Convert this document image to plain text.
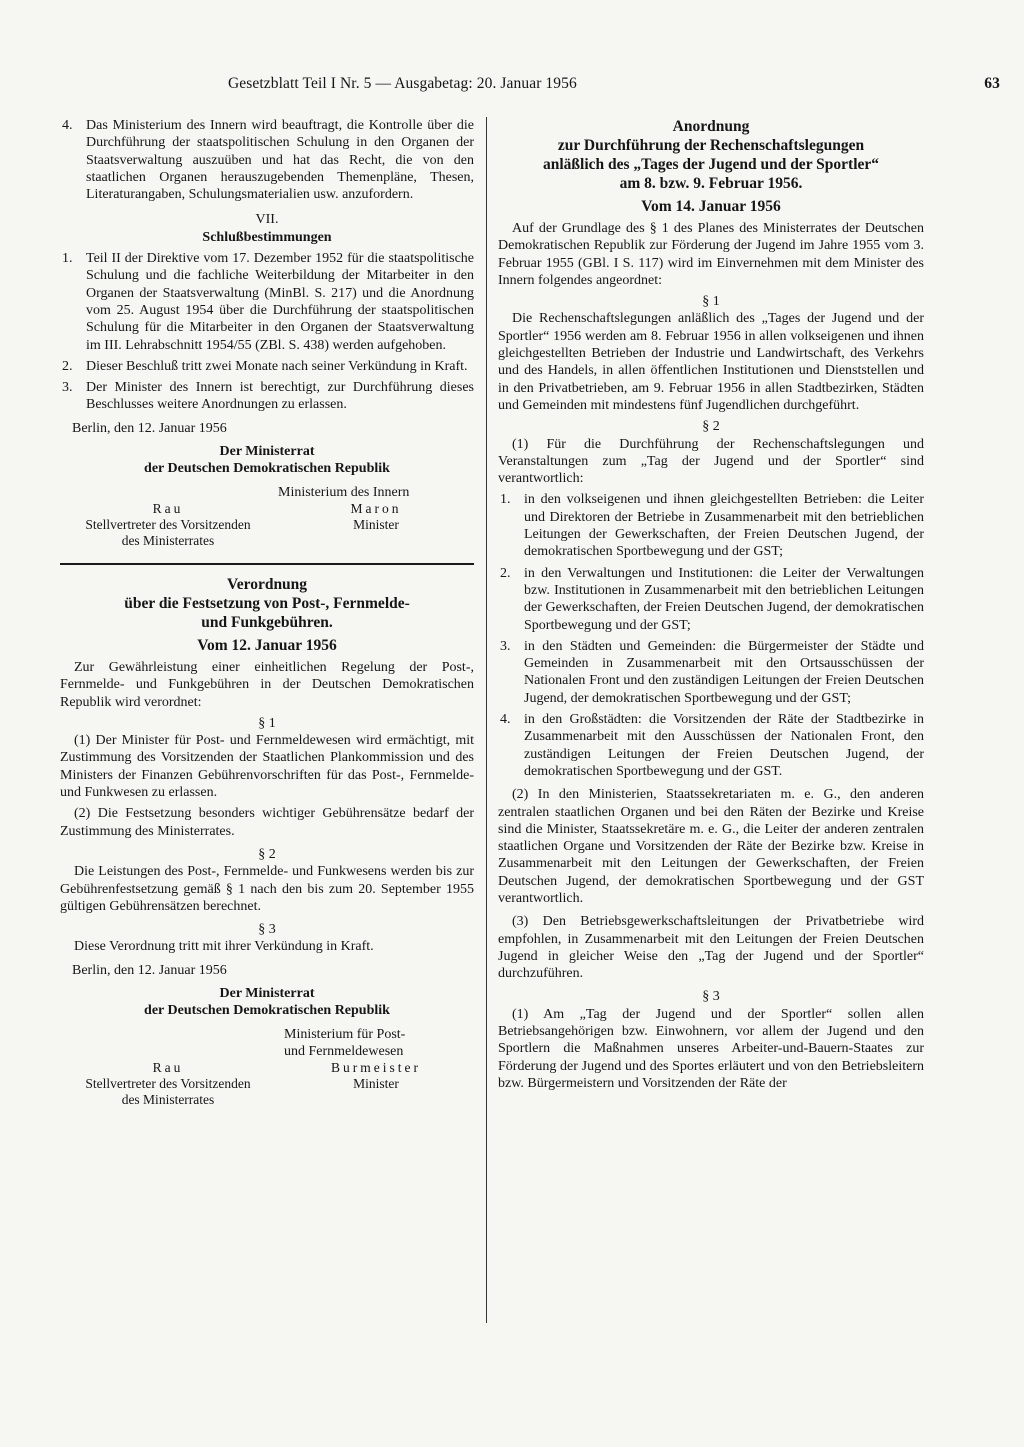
Gesetzblatt Teil I Nr. 5 — Ausgabetag: 20. Januar 1956	63

4. Das Ministerium des Innern wird beauftragt, die Kontrolle über die Durchführung der staatspolitischen Schulung in den Organen der Staatsverwaltung auszuüben und hat das Recht, die von den staatlichen Organen herauszugebenden Themenpläne, Thesen, Literaturangaben, Schulungsmaterialien usw. anzufordern.

VII.

Schlußbestimmungen

1. Teil II der Direktive vom 17. Dezember 1952 für die staatspolitische Schulung und die fachliche Weiterbildung der Mitarbeiter in den Organen der Staatsverwaltung (MinBl. S. 217) und die Anordnung vom 25. August 1954 über die Durchführung der staatspolitischen Schulung für die Mitarbeiter in den Organen der Staatsverwaltung im III. Lehrabschnitt 1954/55 (ZBl. S. 438) werden aufgehoben.

2. Dieser Beschluß tritt zwei Monate nach seiner Verkündung in Kraft.

3. Der Minister des Innern ist berechtigt, zur Durchführung dieses Beschlusses weitere Anordnungen zu erlassen.

Berlin, den 12. Januar 1956

Der Ministerrat

der Deutschen Demokratischen Republik

Ministerium des Innern

Rau
Stellvertreter des Vorsitzenden
des Ministerrates
Maron
Minister

Verordnung

über die Festsetzung von Post-, Fernmelde-

und Funkgebühren.

Vom 12. Januar 1956

Zur Gewährleistung einer einheitlichen Regelung der Post-, Fernmelde- und Funkgebühren in der Deutschen Demokratischen Republik wird verordnet:

§ 1

(1) Der Minister für Post- und Fernmeldewesen wird ermächtigt, mit Zustimmung des Vorsitzenden der Staatlichen Plankommission und des Ministers der Finanzen Gebührenvorschriften für das Post-, Fernmelde- und Funkwesen zu erlassen.

(2) Die Festsetzung besonders wichtiger Gebührensätze bedarf der Zustimmung des Ministerrates.

§ 2

Die Leistungen des Post-, Fernmelde- und Funkwesens werden bis zur Gebührenfestsetzung gemäß § 1 nach den bis zum 20. September 1955 gültigen Gebührensätzen berechnet.

§ 3

Diese Verordnung tritt mit ihrer Verkündung in Kraft.

Berlin, den 12. Januar 1956

Der Ministerrat

der Deutschen Demokratischen Republik

Ministerium für Post-

und Fernmeldewesen

Rau
Stellvertreter des Vorsitzenden
des Ministerrates
Burmeister
Minister

Anordnung

zur Durchführung der Rechenschaftslegungen

anläßlich des „Tages der Jugend und der Sportler“

am 8. bzw. 9. Februar 1956.

Vom 14. Januar 1956

Auf der Grundlage des § 1 des Planes des Ministerrates der Deutschen Demokratischen Republik zur Förderung der Jugend im Jahre 1955 vom 3. Februar 1955 (GBl. I S. 117) wird im Einvernehmen mit dem Minister des Innern folgendes angeordnet:

§ 1

Die Rechenschaftslegungen anläßlich des „Tages der Jugend und der Sportler“ 1956 werden am 8. Februar 1956 in allen volkseigenen und ihnen gleichgestellten Betrieben der Industrie und Landwirtschaft, des Verkehrs und des Handels, in allen öffentlichen Institutionen und Dienststellen und in den Privatbetrieben, am 9. Februar 1956 in allen Stadtbezirken, Städten und Gemeinden mit mindestens fünf Jugendlichen durchgeführt.

§ 2

(1) Für die Durchführung der Rechenschaftslegungen und Veranstaltungen zum „Tag der Jugend und der Sportler“ sind verantwortlich:

1. in den volkseigenen und ihnen gleichgestellten Betrieben: die Leiter und Direktoren der Betriebe in Zusammenarbeit mit den betrieblichen Leitungen der Gewerkschaften, der Freien Deutschen Jugend, der demokratischen Sportbewegung und der GST;

2. in den Verwaltungen und Institutionen: die Leiter der Verwaltungen bzw. Institutionen in Zusammenarbeit mit den betrieblichen Leitungen der Gewerkschaften, der Freien Deutschen Jugend, der demokratischen Sportbewegung und der GST;

3. in den Städten und Gemeinden: die Bürgermeister der Städte und Gemeinden in Zusammenarbeit mit den Ortsausschüssen der Nationalen Front und den zuständigen Leitungen der Freien Deutschen Jugend, der demokratischen Sportbewegung und der GST;

4. in den Großstädten: die Vorsitzenden der Räte der Stadtbezirke in Zusammenarbeit mit den Ausschüssen der Nationalen Front, den zuständigen Leitungen der Freien Deutschen Jugend, der demokratischen Sportbewegung und der GST.

(2) In den Ministerien, Staatssekretariaten m. e. G., den anderen zentralen staatlichen Organen und bei den Räten der Bezirke und Kreise sind die Minister, Staatssekretäre m. e. G., die Leiter der anderen zentralen staatlichen Organe und Vorsitzenden der Räte der Bezirke bzw. Kreise in Zusammenarbeit mit den Leitungen der Gewerkschaften, der Freien Deutschen Jugend, der demokratischen Sportbewegung und der GST verantwortlich.

(3) Den Betriebsgewerkschaftsleitungen der Privatbetriebe wird empfohlen, in Zusammenarbeit mit den Leitungen der Freien Deutschen Jugend in gleicher Weise den „Tag der Jugend und der Sportler“ durchzuführen.

§ 3

(1) Am „Tag der Jugend und der Sportler“ sollen allen Betriebsangehörigen bzw. Einwohnern, vor allem der Jugend und den Sportlern die Maßnahmen unseres Arbeiter-und-Bauern-Staates zur Förderung der Jugend und des Sportes erläutert und von den Betriebsleitern bzw. Bürgermeistern und Vorsitzenden der Räte der
